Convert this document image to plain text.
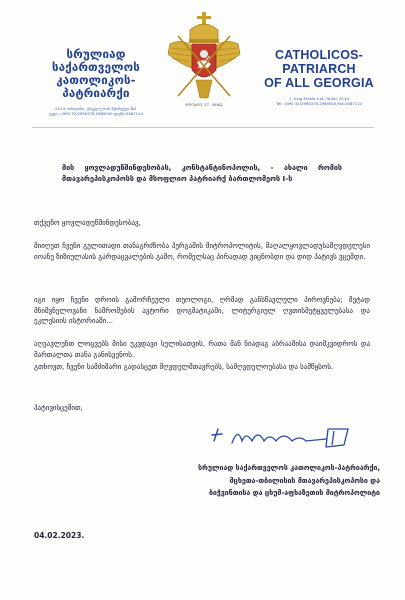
სრულიად საქართველოს
კათოლიკოს-პატრიარქი
0114, თბილისი, ერეკლე II-ის შესახვევი №1
ტელ.: (995 32)2990378,2989540 ფაქსი:2987114
ΘΡΟΝΟΣ ΣΤ. ΝΙΝΩ
CATHOLICOS-PATRIARCH
OF ALL GEORGIA
1, King Erekle II st. Tbilisi, 0114
Tel.: (995 32)2990378,2989540,Fax:2987114
მის ყოვლადუწმინდესობას, კონსტანტინოპოლის, - ახალი რომის მთავარეპისკოპოსს და მსოფლიო პატრიარქ ბართლომეოს I-ს
თქვენო ყოვლადუწმინდესობავ,
მიიღეთ ჩვენი გულითადი თანაგრძნობა პერგამის მიტროპოლიტის, მაღალყოვლადუსამღვდელესი იოანე ზიზიულასის გარდაცვალების გამო, რომელსაც პირადად ვიცნობდი და დიდ პატივს ვცემდი.
იგი იყო ჩვენი დროის გამორჩეული თეოლოგი, ღრმად განსწავლული პიროვნება; მეტად მნიშვნელოვანი ნაშრომების ავტორი დოგმატიკაში, ლიტურგიულ ღვთისმეტყველებასა და ეკლესიის ისტორიაში...
აღვავლენთ ლოცვებს მისი უკვდავი სულისათვის, რათა მან ნიადაგ აბრაამისა დაიმკვიდროს და მართალთა თანა განისვენოს.
გთხოვთ, ჩვენი სამძიმარი გადასცეთ მღვდელმთავრებს, სამღვდელოებასა და სამწყსოს.
პატივისცემით,
სრულიად საქართველოს კათოლიკოს-პატრიარქი,
მცხეთა-თბილისის მთავარეპისკოპოსი და
ბიჭვინთისა და ცხუმ-აფხაზეთის მიტროპოლიტი
04.02.2023.
